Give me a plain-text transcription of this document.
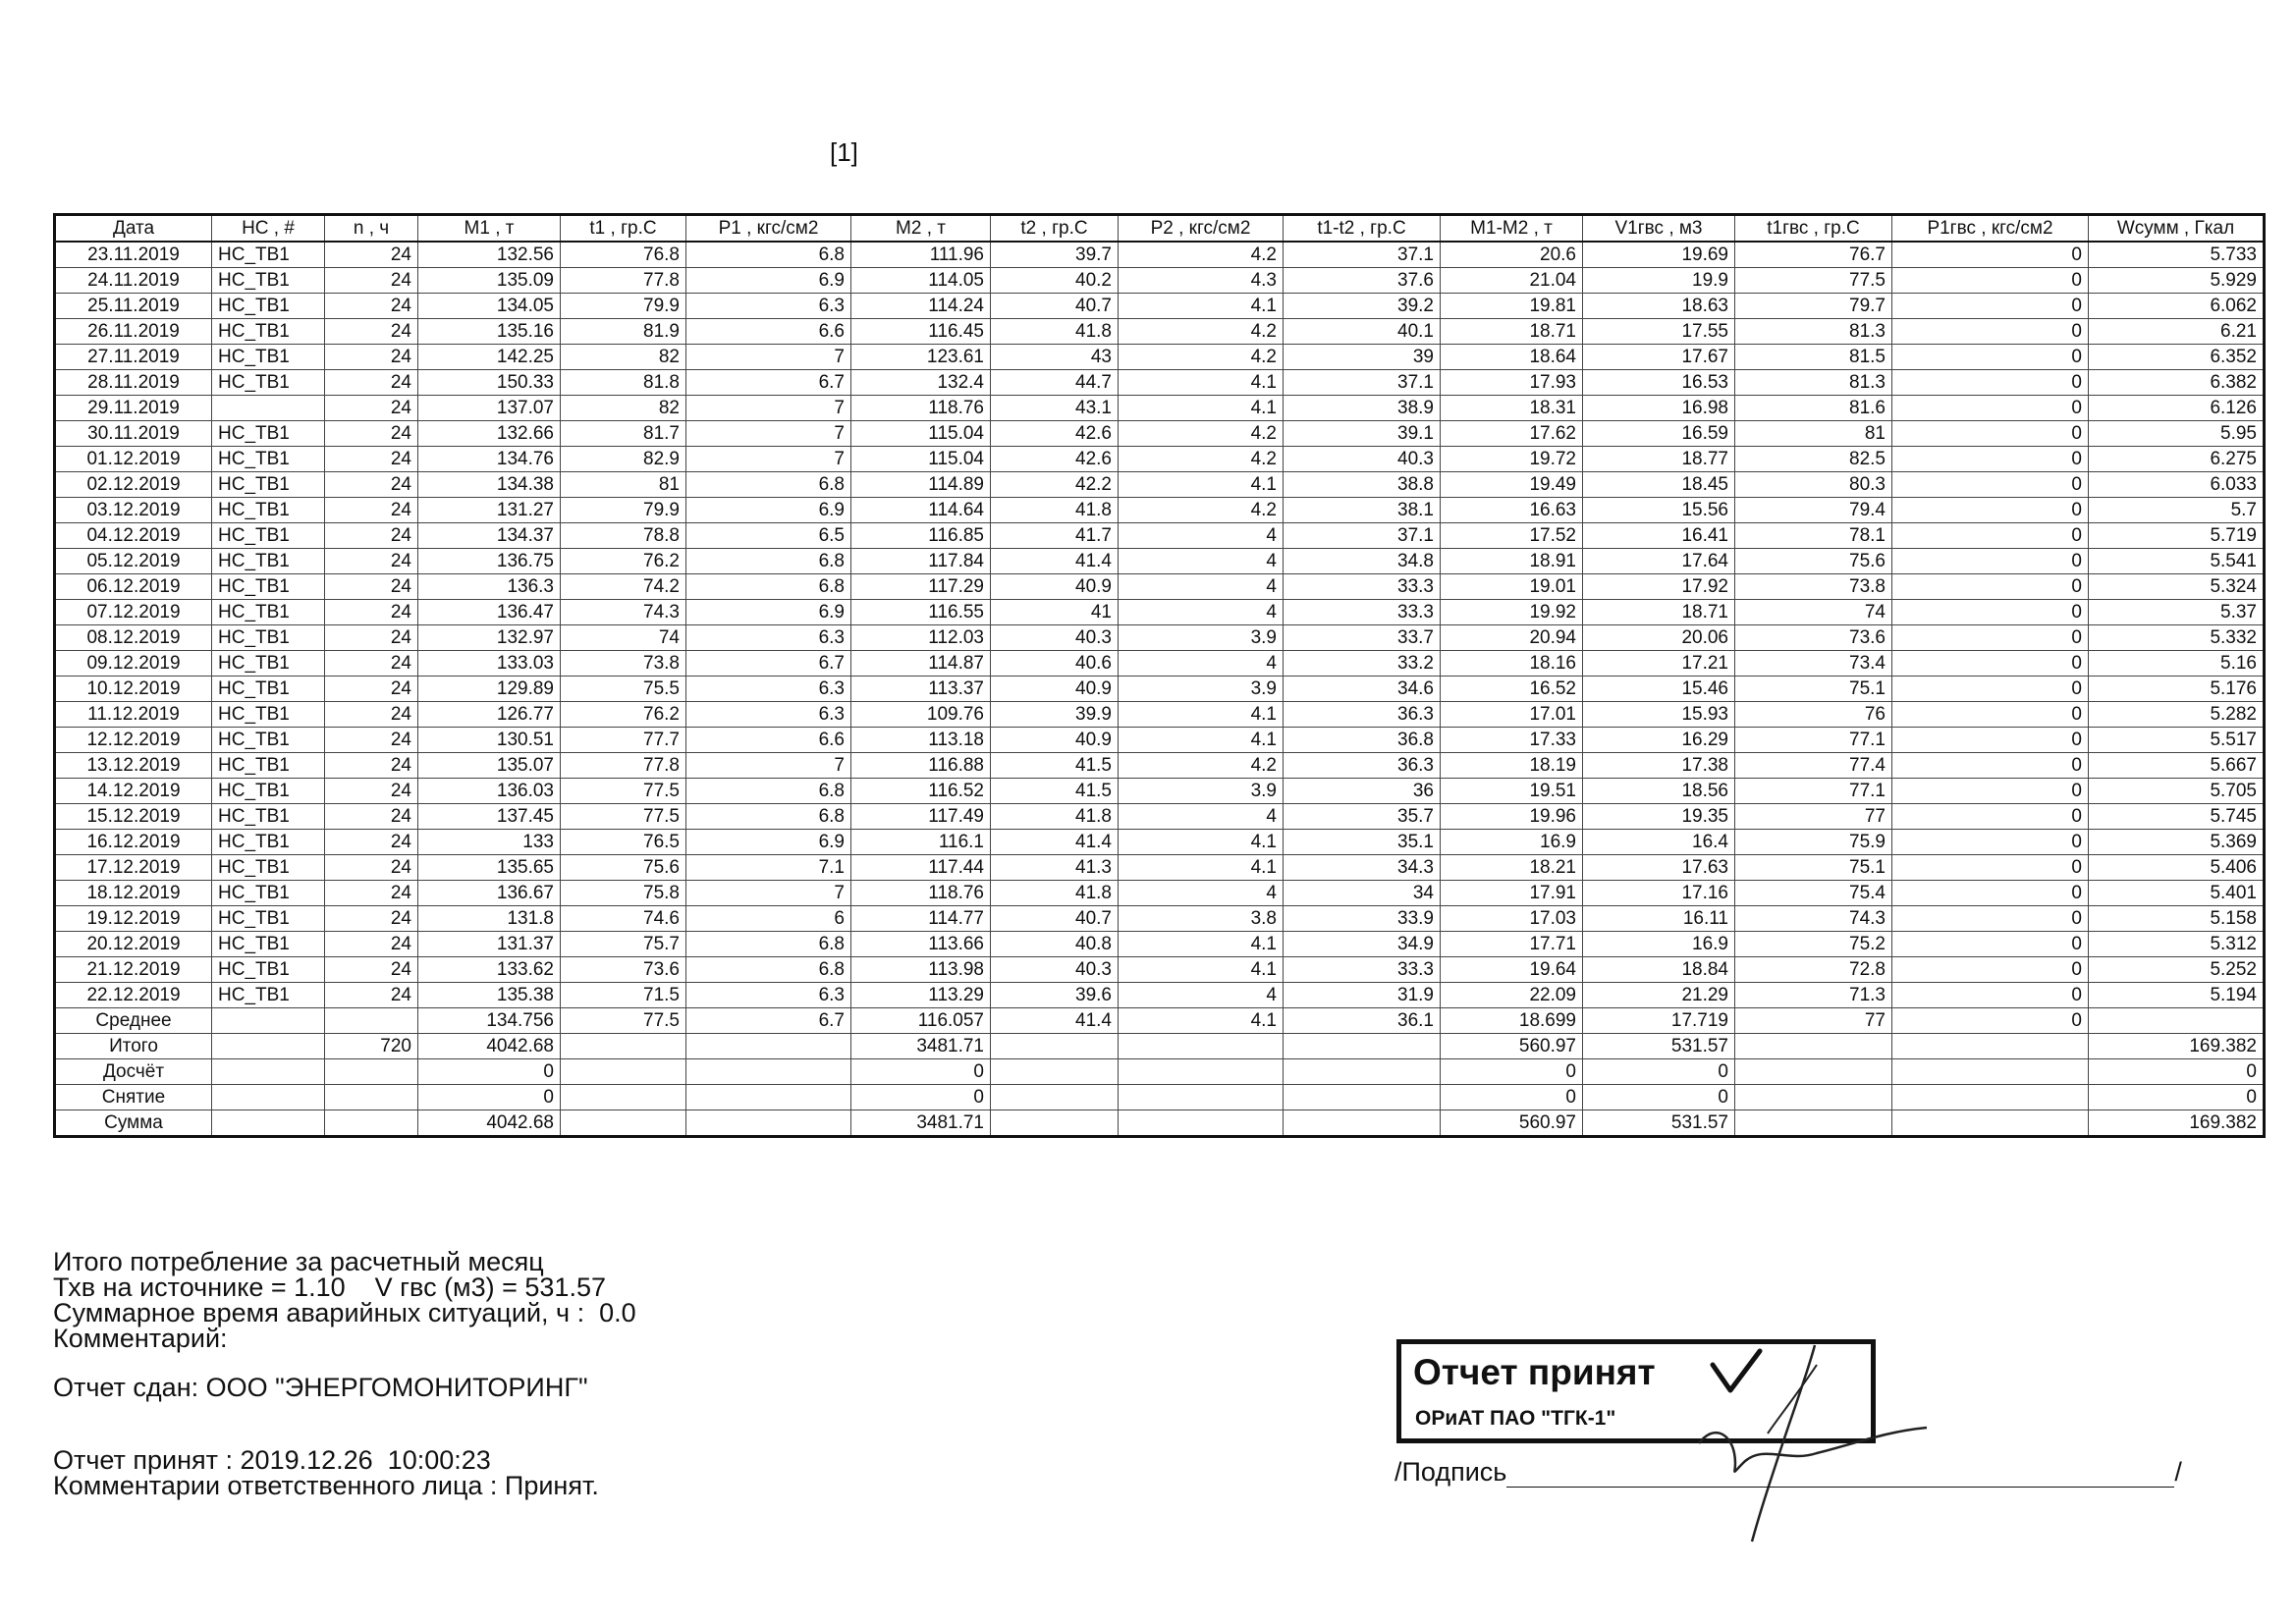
[1]
Дата	НС , #	n , ч	М1 , т	t1 , гр.С	P1 , кгс/см2	М2 , т	t2 , гр.С	P2 , кгс/см2	t1-t2 , гр.С	М1-М2 , т	V1гвс , м3	t1гвс , гр.С	P1гвс , кгс/см2	Wсумм , Гкал
23.11.2019	НС_ТВ1	24	132.56	76.8	6.8	111.96	39.7	4.2	37.1	20.6	19.69	76.7	0	5.733
24.11.2019	НС_ТВ1	24	135.09	77.8	6.9	114.05	40.2	4.3	37.6	21.04	19.9	77.5	0	5.929
25.11.2019	НС_ТВ1	24	134.05	79.9	6.3	114.24	40.7	4.1	39.2	19.81	18.63	79.7	0	6.062
26.11.2019	НС_ТВ1	24	135.16	81.9	6.6	116.45	41.8	4.2	40.1	18.71	17.55	81.3	0	6.21
27.11.2019	НС_ТВ1	24	142.25	82	7	123.61	43	4.2	39	18.64	17.67	81.5	0	6.352
28.11.2019	НС_ТВ1	24	150.33	81.8	6.7	132.4	44.7	4.1	37.1	17.93	16.53	81.3	0	6.382
29.11.2019		24	137.07	82	7	118.76	43.1	4.1	38.9	18.31	16.98	81.6	0	6.126
30.11.2019	НС_ТВ1	24	132.66	81.7	7	115.04	42.6	4.2	39.1	17.62	16.59	81	0	5.95
01.12.2019	НС_ТВ1	24	134.76	82.9	7	115.04	42.6	4.2	40.3	19.72	18.77	82.5	0	6.275
02.12.2019	НС_ТВ1	24	134.38	81	6.8	114.89	42.2	4.1	38.8	19.49	18.45	80.3	0	6.033
03.12.2019	НС_ТВ1	24	131.27	79.9	6.9	114.64	41.8	4.2	38.1	16.63	15.56	79.4	0	5.7
04.12.2019	НС_ТВ1	24	134.37	78.8	6.5	116.85	41.7	4	37.1	17.52	16.41	78.1	0	5.719
05.12.2019	НС_ТВ1	24	136.75	76.2	6.8	117.84	41.4	4	34.8	18.91	17.64	75.6	0	5.541
06.12.2019	НС_ТВ1	24	136.3	74.2	6.8	117.29	40.9	4	33.3	19.01	17.92	73.8	0	5.324
07.12.2019	НС_ТВ1	24	136.47	74.3	6.9	116.55	41	4	33.3	19.92	18.71	74	0	5.37
08.12.2019	НС_ТВ1	24	132.97	74	6.3	112.03	40.3	3.9	33.7	20.94	20.06	73.6	0	5.332
09.12.2019	НС_ТВ1	24	133.03	73.8	6.7	114.87	40.6	4	33.2	18.16	17.21	73.4	0	5.16
10.12.2019	НС_ТВ1	24	129.89	75.5	6.3	113.37	40.9	3.9	34.6	16.52	15.46	75.1	0	5.176
11.12.2019	НС_ТВ1	24	126.77	76.2	6.3	109.76	39.9	4.1	36.3	17.01	15.93	76	0	5.282
12.12.2019	НС_ТВ1	24	130.51	77.7	6.6	113.18	40.9	4.1	36.8	17.33	16.29	77.1	0	5.517
13.12.2019	НС_ТВ1	24	135.07	77.8	7	116.88	41.5	4.2	36.3	18.19	17.38	77.4	0	5.667
14.12.2019	НС_ТВ1	24	136.03	77.5	6.8	116.52	41.5	3.9	36	19.51	18.56	77.1	0	5.705
15.12.2019	НС_ТВ1	24	137.45	77.5	6.8	117.49	41.8	4	35.7	19.96	19.35	77	0	5.745
16.12.2019	НС_ТВ1	24	133	76.5	6.9	116.1	41.4	4.1	35.1	16.9	16.4	75.9	0	5.369
17.12.2019	НС_ТВ1	24	135.65	75.6	7.1	117.44	41.3	4.1	34.3	18.21	17.63	75.1	0	5.406
18.12.2019	НС_ТВ1	24	136.67	75.8	7	118.76	41.8	4	34	17.91	17.16	75.4	0	5.401
19.12.2019	НС_ТВ1	24	131.8	74.6	6	114.77	40.7	3.8	33.9	17.03	16.11	74.3	0	5.158
20.12.2019	НС_ТВ1	24	131.37	75.7	6.8	113.66	40.8	4.1	34.9	17.71	16.9	75.2	0	5.312
21.12.2019	НС_ТВ1	24	133.62	73.6	6.8	113.98	40.3	4.1	33.3	19.64	18.84	72.8	0	5.252
22.12.2019	НС_ТВ1	24	135.38	71.5	6.3	113.29	39.6	4	31.9	22.09	21.29	71.3	0	5.194
Среднее			134.756	77.5	6.7	116.057	41.4	4.1	36.1	18.699	17.719	77	0	
Итого		720	4042.68			3481.71				560.97	531.57			169.382
Досчёт			0			0				0	0			0
Снятие			0			0				0	0			0
Сумма			4042.68			3481.71				560.97	531.57			169.382
Итого потребление за расчетный месяц
Тхв на источнике = 1.10    V гвс (м3) = 531.57
Суммарное время аварийных ситуаций, ч :  0.0
Комментарий:
Отчет сдан: ООО "ЭНЕРГОМОНИТОРИНГ"
Отчет принят : 2019.12.26  10:00:23
Комментарии ответственного лица : Принят.
Отчет принят
ОРиАТ ПАО "ТГК-1"
/Подпись	/
